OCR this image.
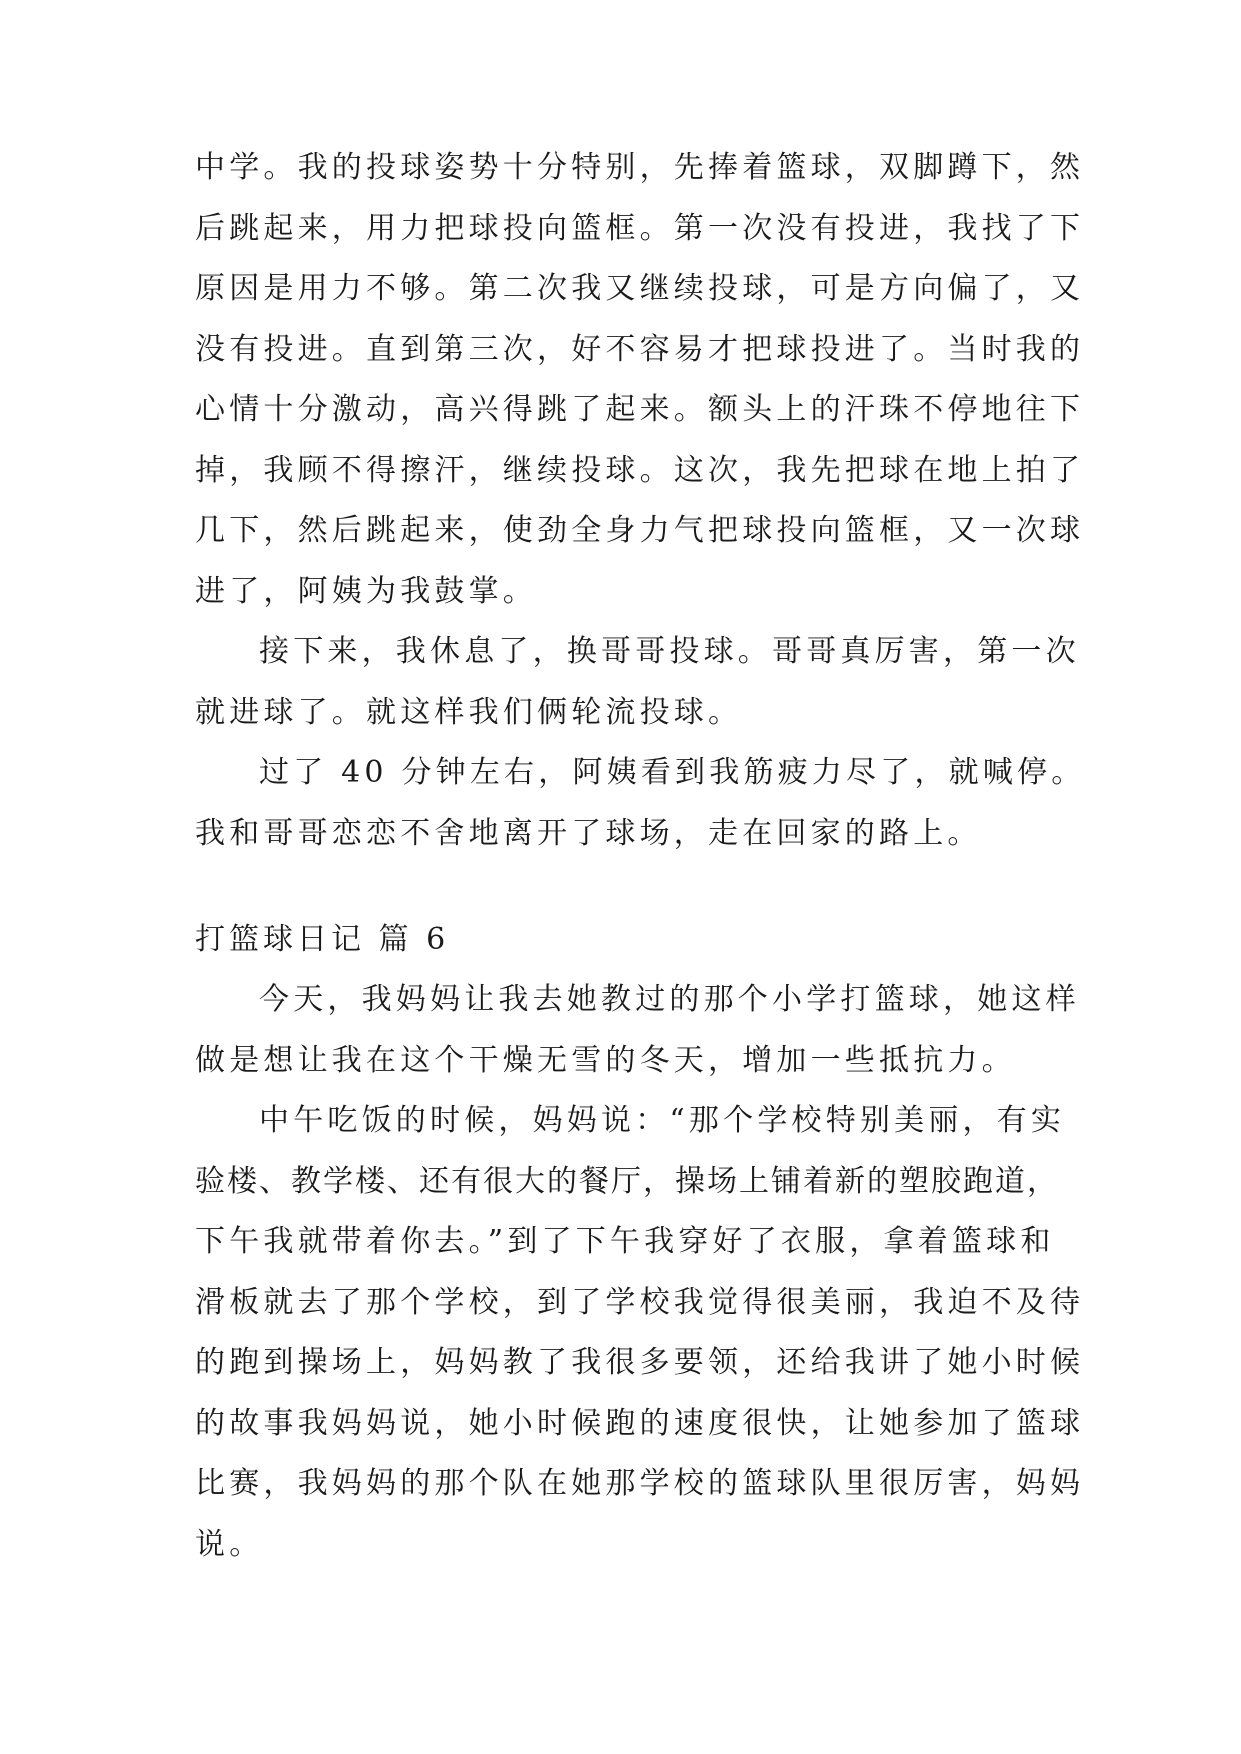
中学。我的投球姿势十分特别，先捧着篮球，双脚蹲下，然
后跳起来，用力把球投向篮框。第一次没有投进，我找了下
原因是用力不够。第二次我又继续投球，可是方向偏了，又
没有投进。直到第三次，好不容易才把球投进了。当时我的
心情十分激动，高兴得跳了起来。额头上的汗珠不停地往下
掉，我顾不得擦汗，继续投球。这次，我先把球在地上拍了
几下，然后跳起来，使劲全身力气把球投向篮框，又一次球
进了，阿姨为我鼓掌。
接下来，我休息了，换哥哥投球。哥哥真厉害，第一次
就进球了。就这样我们俩轮流投球。
过了 40 分钟左右，阿姨看到我筋疲力尽了，就喊停。
我和哥哥恋恋不舍地离开了球场，走在回家的路上。
打篮球日记 篇 6
今天，我妈妈让我去她教过的那个小学打篮球，她这样
做是想让我在这个干燥无雪的冬天，增加一些抵抗力。
中午吃饭的时候，妈妈说：“那个学校特别美丽，有实
验楼、教学楼、还有很大的餐厅，操场上铺着新的塑胶跑道，
下午我就带着你去。”到了下午我穿好了衣服，拿着篮球和
滑板就去了那个学校，到了学校我觉得很美丽，我迫不及待
的跑到操场上，妈妈教了我很多要领，还给我讲了她小时候
的故事我妈妈说，她小时候跑的速度很快，让她参加了篮球
比赛，我妈妈的那个队在她那学校的篮球队里很厉害，妈妈
说。
